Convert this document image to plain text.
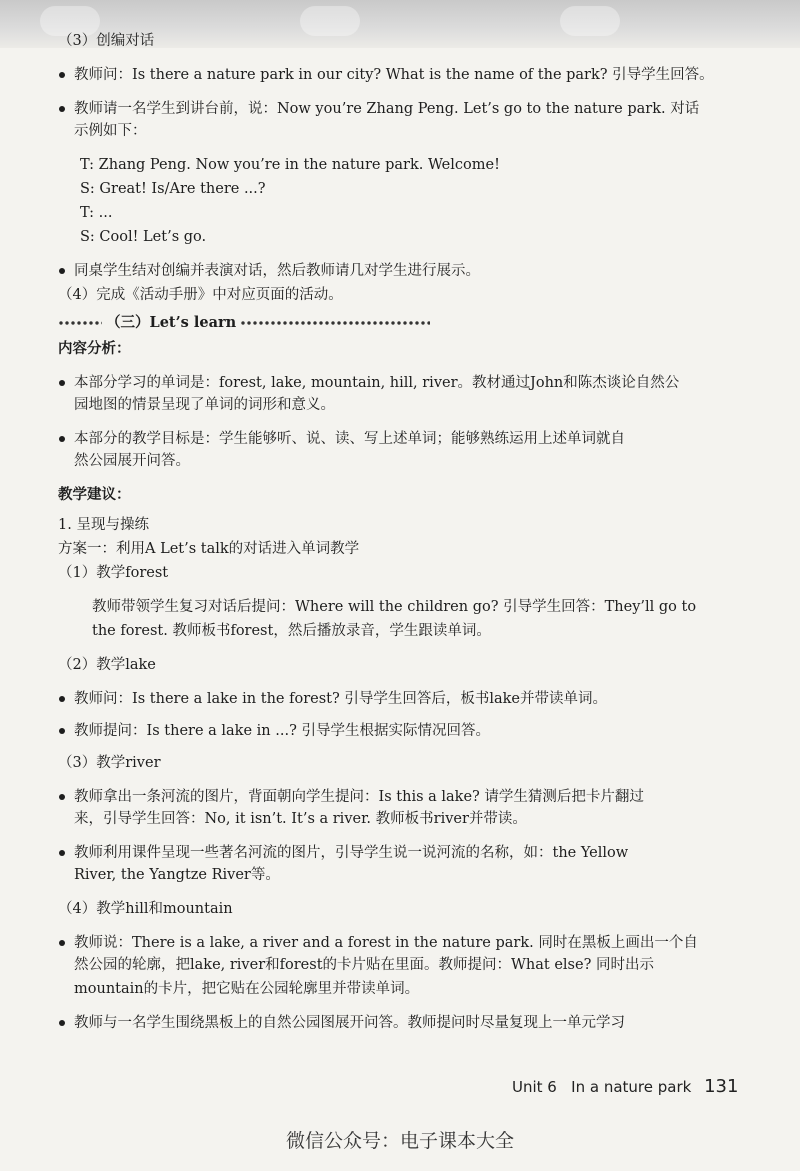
（3）创编对话
教师问：Is there a nature park in our city? What is the name of the park? 引导学生回答。
教师请一名学生到讲台前，说：Now you’re Zhang Peng. Let’s go to the nature park. 对话
示例如下：
T: Zhang Peng. Now you’re in the nature park. Welcome!
S: Great! Is/Are there ...?
T: ...
S: Cool! Let’s go.
同桌学生结对创编并表演对话，然后教师请几对学生进行展示。
（4）完成《活动手册》中对应页面的活动。
（三）Let’s learn
内容分析：
本部分学习的单词是：forest, lake, mountain, hill, river。教材通过John和陈杰谈论自然公
园地图的情景呈现了单词的词形和意义。
本部分的教学目标是：学生能够听、说、读、写上述单词；能够熟练运用上述单词就自
然公园展开问答。
教学建议：
1. 呈现与操练
方案一：利用A Let’s talk的对话进入单词教学
（1）教学forest
教师带领学生复习对话后提问：Where will the children go? 引导学生回答：They’ll go to
the forest. 教师板书forest，然后播放录音，学生跟读单词。
（2）教学lake
教师问：Is there a lake in the forest? 引导学生回答后，板书lake并带读单词。
教师提问：Is there a lake in ...? 引导学生根据实际情况回答。
（3）教学river
教师拿出一条河流的图片，背面朝向学生提问：Is this a lake? 请学生猜测后把卡片翻过
来，引导学生回答：No, it isn’t. It’s a river. 教师板书river并带读。
教师利用课件呈现一些著名河流的图片，引导学生说一说河流的名称，如：the Yellow
River, the Yangtze River等。
（4）教学hill和mountain
教师说：There is a lake, a river and a forest in the nature park. 同时在黑板上画出一个自
然公园的轮廓，把lake, river和forest的卡片贴在里面。教师提问：What else? 同时出示
mountain的卡片，把它贴在公园轮廓里并带读单词。
教师与一名学生围绕黑板上的自然公园图展开问答。教师提问时尽量复现上一单元学习
Unit 6 In a nature park 131
微信公众号：电子课本大全
